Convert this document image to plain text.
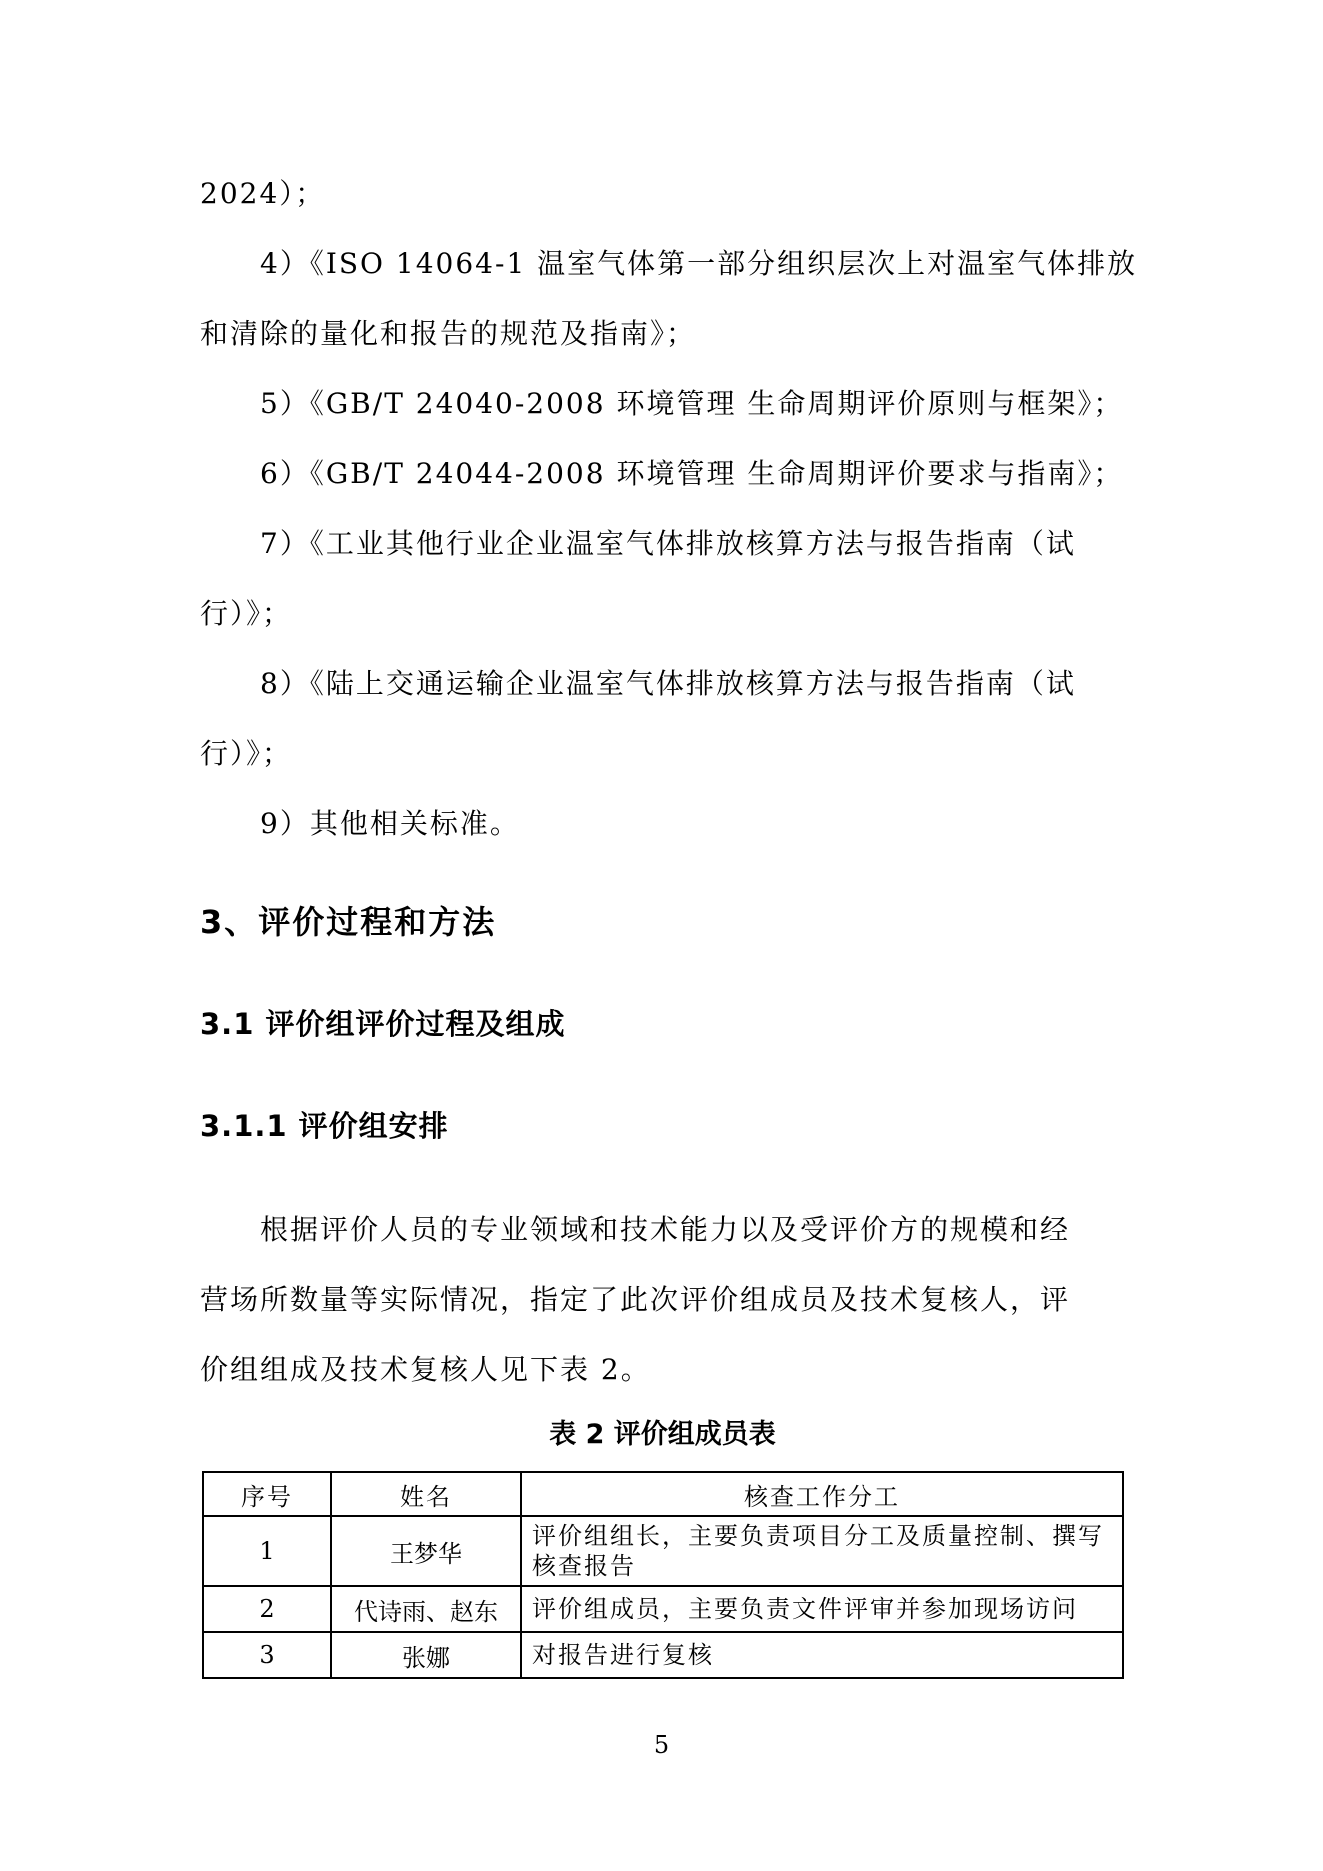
2024）；
4）《ISO 14064-1 温室气体第一部分组织层次上对温室气体排放
和清除的量化和报告的规范及指南》；
5）《GB/T 24040-2008 环境管理 生命周期评价原则与框架》；
6）《GB/T 24044-2008 环境管理 生命周期评价要求与指南》；
7）《工业其他行业企业温室气体排放核算方法与报告指南（试
行）》；
8）《陆上交通运输企业温室气体排放核算方法与报告指南（试
行）》；
9）其他相关标准。
3、评价过程和方法
3.1 评价组评价过程及组成
3.1.1 评价组安排
根据评价人员的专业领域和技术能力以及受评价方的规模和经
营场所数量等实际情况，指定了此次评价组成员及技术复核人，评
价组组成及技术复核人见下表 2。
表 2 评价组成员表
序号	姓名	核查工作分工
1	王梦华	评价组组长，主要负责项目分工及质量控制、撰写核查报告
2	代诗雨、赵东	评价组成员，主要负责文件评审并参加现场访问
3	张娜	对报告进行复核
5
